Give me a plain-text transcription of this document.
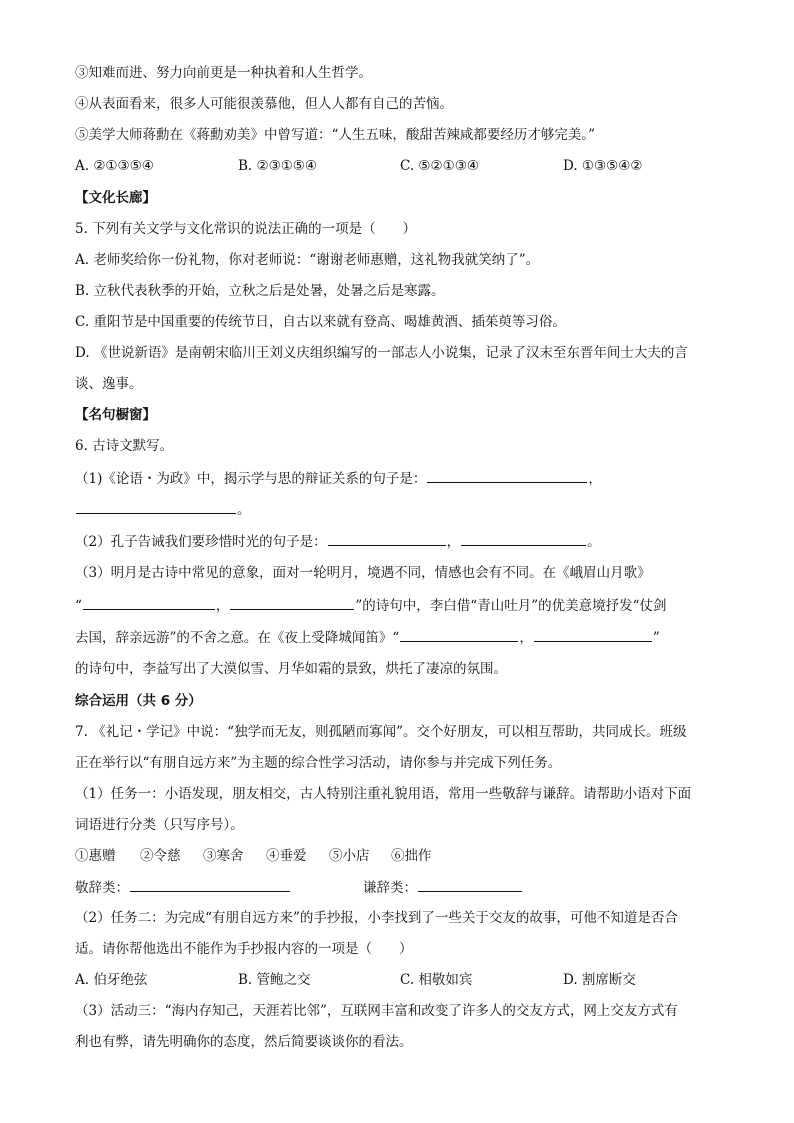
③知难而进、努力向前更是一种执着和人生哲学。
④从表面看来，很多人可能很羡慕他，但人人都有自己的苦恼。
⑤美学大师蒋勳在《蒋勳劝美》中曾写道：“人生五味，酸甜苦辣咸都要经历才够完美。”
A. ②①③⑤④	B. ②③①⑤④	C. ⑤②①③④	D. ①③⑤④②
【文化长廊】
5. 下列有关文学与文化常识的说法正确的一项是（　　）
A. 老师奖给你一份礼物，你对老师说：“谢谢老师惠赠，这礼物我就笑纳了”。
B. 立秋代表秋季的开始，立秋之后是处暑，处暑之后是寒露。
C. 重阳节是中国重要的传统节日，自古以来就有登高、喝雄黄酒、插茱萸等习俗。
D. 《世说新语》是南朝宋临川王刘义庆组织编写的一部志人小说集，记录了汉末至东晋年间士大夫的言
谈、逸事。
【名句橱窗】
6. 古诗文默写。
（1)《论语・为政》中，揭示学与思的辩证关系的句子是：	，
。
（2）孔子告诫我们要珍惜时光的句子是：	，	。
（3）明月是古诗中常见的意象，面对一轮明月，境遇不同，情感也会有不同。在《峨眉山月歌》
“	，	”的诗句中，李白借“青山吐月”的优美意境抒发“仗剑
去国，辞亲远游”的不舍之意。在《夜上受降城闻笛》“	，	”
的诗句中，李益写出了大漠似雪、月华如霜的景致，烘托了凄凉的氛围。
综合运用（共 6 分）
7. 《礼记・学记》中说：“独学而无友，则孤陋而寡闻”。交个好朋友，可以相互帮助，共同成长。班级
正在举行以“有朋自远方来”为主题的综合性学习活动，请你参与并完成下列任务。
（1）任务一：小语发现，朋友相交，古人特别注重礼貌用语，常用一些敬辞与谦辞。请帮助小语对下面
词语进行分类（只写序号）。
①惠赠 ②令慈 ③寒舍 ④垂爱 ⑤小店 ⑥拙作
敬辞类：	谦辞类：
（2）任务二：为完成“有朋自远方来”的手抄报，小李找到了一些关于交友的故事，可他不知道是否合
适。请你帮他选出不能作为手抄报内容的一项是（　　）
A. 伯牙绝弦	B. 管鲍之交	C. 相敬如宾	D. 割席断交
（3）活动三：“海内存知己，天涯若比邻”，互联网丰富和改变了许多人的交友方式，网上交友方式有
利也有弊，请先明确你的态度，然后简要谈谈你的看法。
